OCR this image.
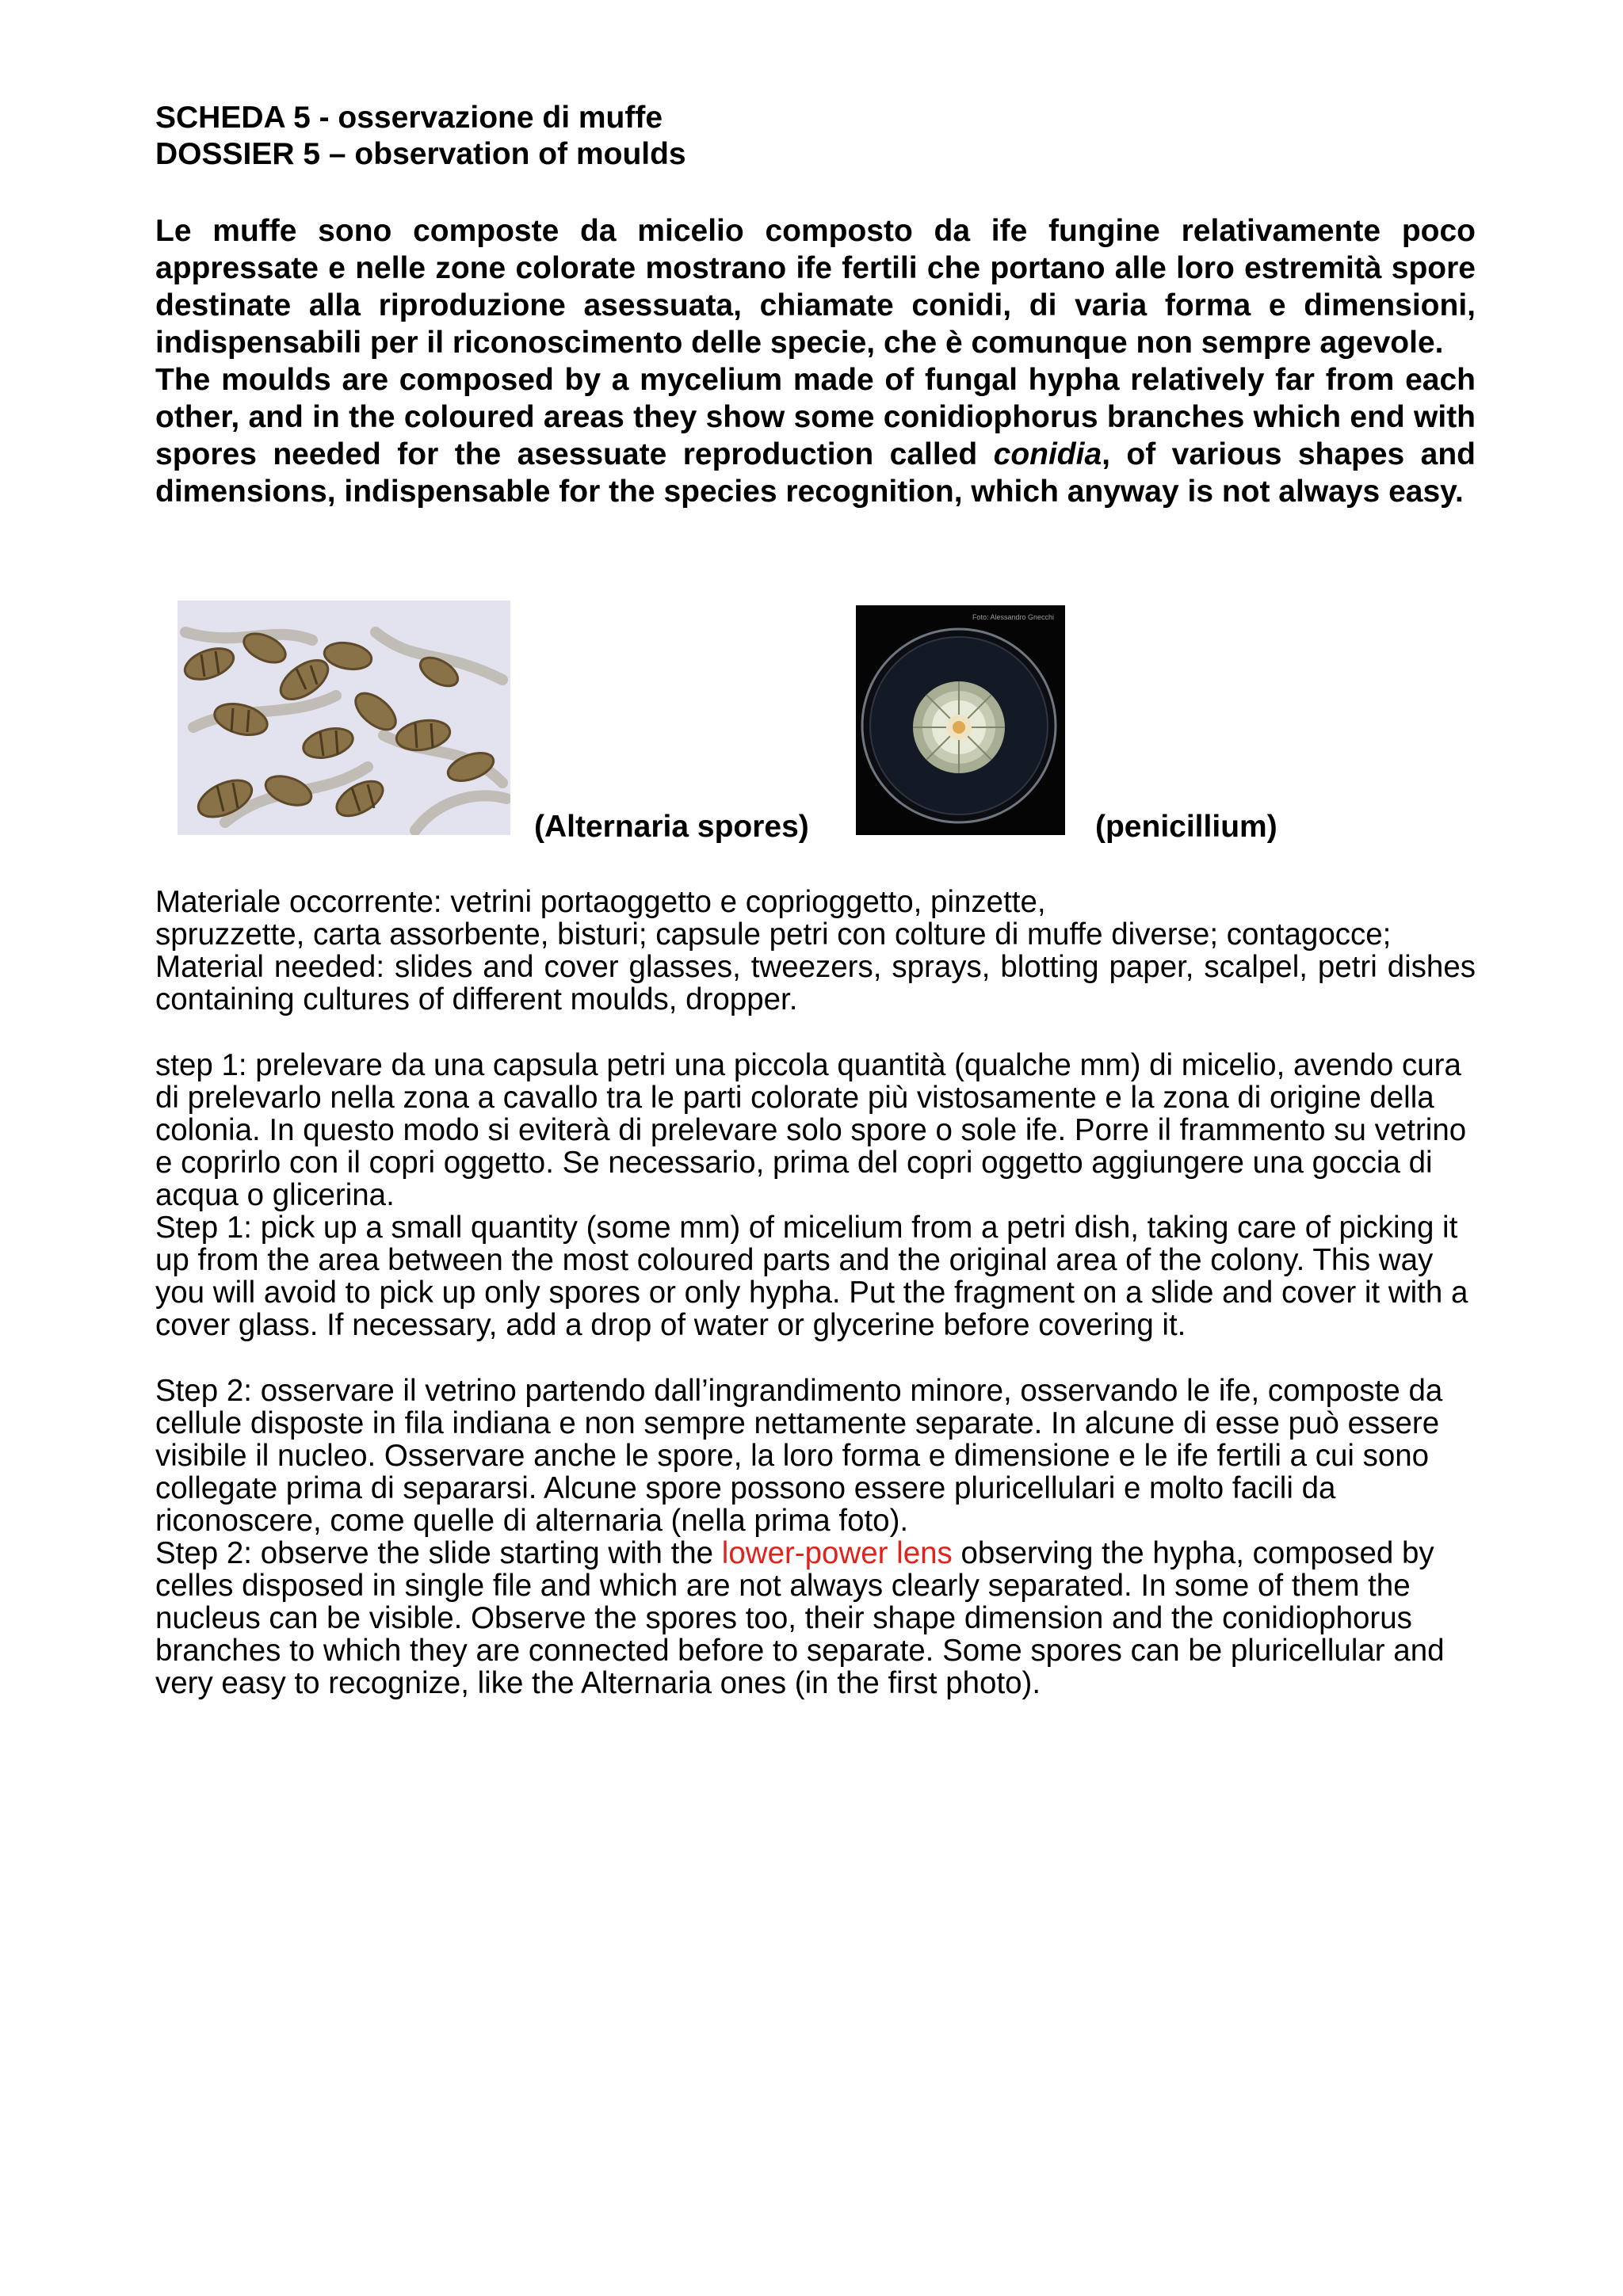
SCHEDA 5 - osservazione di muffe

DOSSIER 5 – observation of moulds

Le muffe sono composte da micelio composto da ife fungine relativamente poco appressate e nelle zone colorate mostrano ife fertili che portano alle loro estremità spore destinate alla riproduzione asessuata, chiamate conidi, di varia forma e dimensioni, indispensabili per il riconoscimento delle specie, che è comunque non sempre agevole.

The moulds are composed by a mycelium made of fungal hypha relatively far from each other, and in the coloured areas they show some conidiophorus branches which end with spores needed for the asessuate reproduction called conidia, of various shapes and dimensions, indispensable for the species recognition, which anyway is not always easy.

(Alternaria spores)
Foto: Alessandro Gnecchi
(penicillium)

Materiale occorrente: vetrini portaoggetto e coprioggetto, pinzette,

spruzzette, carta assorbente, bisturi; capsule petri con colture di muffe diverse; contagocce;

Material needed: slides and cover glasses, tweezers, sprays, blotting paper, scalpel, petri dishes containing cultures of different moulds, dropper.

step 1: prelevare da una capsula petri una piccola quantità (qualche mm) di micelio, avendo cura di prelevarlo nella zona a cavallo tra le parti colorate più vistosamente e la zona di origine della colonia. In questo modo si eviterà di prelevare solo spore o sole ife. Porre il frammento su vetrino e coprirlo con il copri oggetto. Se necessario, prima del copri oggetto aggiungere una goccia di acqua o glicerina.

Step 1: pick up a small quantity (some mm) of micelium from a petri dish, taking care of picking it up from the area between the most coloured parts and the original area of the colony. This way you will avoid to pick up only spores or only hypha. Put the fragment on a slide and cover it with a cover glass. If necessary, add a drop of water or glycerine before covering it.

Step 2: osservare il vetrino partendo dall’ingrandimento minore, osservando le ife, composte da cellule disposte in fila indiana e non sempre nettamente separate. In alcune di esse può essere visibile il nucleo. Osservare anche le spore, la loro forma e dimensione e le ife fertili a cui sono collegate prima di separarsi. Alcune spore possono essere pluricellulari e molto facili da riconoscere, come quelle di alternaria (nella prima foto).

Step 2: observe the slide starting with the lower-power lens observing the hypha, composed by celles disposed in single file and which are not always clearly separated. In some of them the nucleus can be visible. Observe the spores too, their shape dimension and the conidiophorus branches to which they are connected before to separate. Some spores can be pluricellular and very easy to recognize, like the Alternaria ones (in the first photo).
